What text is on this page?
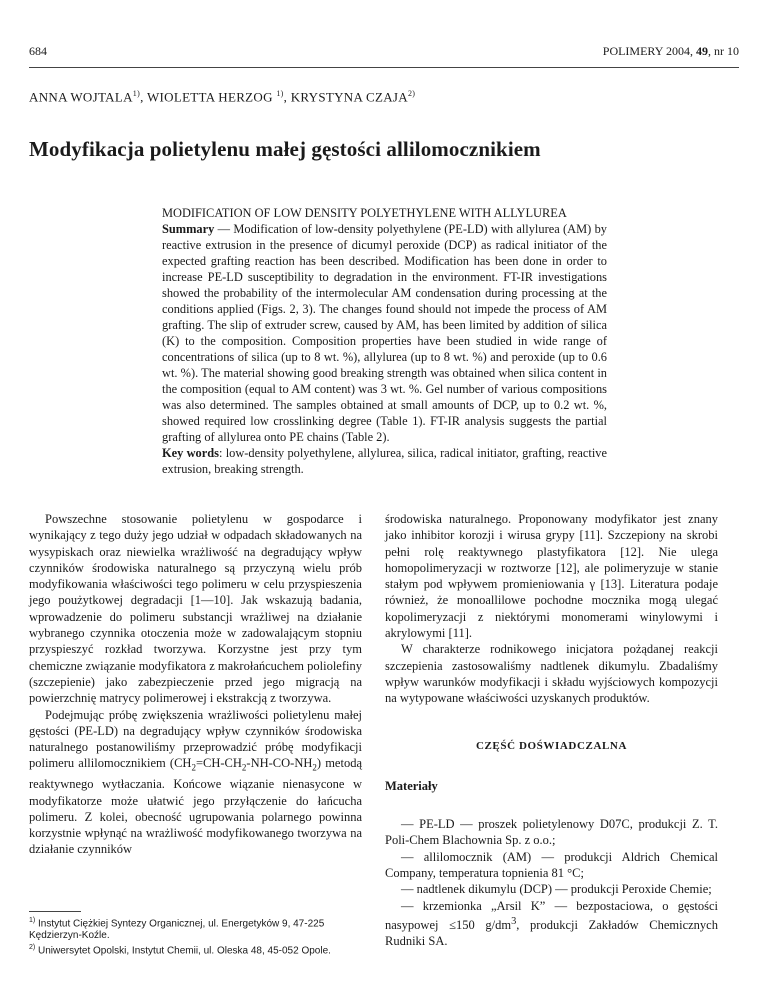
684	POLIMERY 2004, 49, nr 10
ANNA WOJTALA$^{1)}$, WIOLETTA HERZOG $^{1)}$, KRYSTYNA CZAJA$^{2)}$
Modyfikacja polietylenu małej gęstości allilomocznikiem
MODIFICATION OF LOW DENSITY POLYETHYLENE WITH ALLYLUREA
Summary — Modification of low-density polyethylene (PE-LD) with allylurea (AM) by reactive extrusion in the presence of dicumyl peroxide (DCP) as radical initiator of the expected grafting reaction has been described. Modification has been done in order to increase PE-LD susceptibility to degradation in the environment. FT-IR investigations showed the probability of the intermolecular AM condensation during processing at the conditions applied (Figs. 2, 3). The changes found should not impede the process of AM grafting. The slip of extruder screw, caused by AM, has been limited by addition of silica (K) to the composition. Composition properties have been studied in wide range of concentrations of silica (up to 8 wt. %), allylurea (up to 8 wt. %) and peroxide (up to 0.6 wt. %). The material showing good breaking strength was obtained when silica content in the composition (equal to AM content) was 3 wt. %. Gel number of various compositions was also determined. The samples obtained at small amounts of DCP, up to 0.2 wt. %, showed required low crosslinking degree (Table 1). FT-IR analysis suggests the partial grafting of allylurea onto PE chains (Table 2).
Key words: low-density polyethylene, allylurea, silica, radical initiator, grafting, reactive extrusion, breaking strength.

Powszechne stosowanie polietylenu w gospodarce i wynikający z tego duży jego udział w odpadach składowanych na wysypiskach oraz niewielka wrażliwość na degradujący wpływ czynników środowiska naturalnego są przyczyną wielu prób modyfikowania właściwości tego polimeru w celu przyspieszenia jego poużytkowej degradacji [1—10]. Jak wskazują badania, wprowadzenie do polimeru substancji wrażliwej na działanie wybranego czynnika otoczenia może w zadowalającym stopniu przyspieszyć rozkład tworzywa. Korzystne jest przy tym chemiczne związanie modyfikatora z makrołańcuchem poliolefiny (szczepienie) jako zabezpieczenie przed jego migracją na powierzchnię matrycy polimerowej i ekstrakcją z tworzywa.

Podejmując próbę zwiększenia wrażliwości polietylenu małej gęstości (PE-LD) na degradujący wpływ czynników środowiska naturalnego postanowiliśmy przeprowadzić próbę modyfikacji polimeru allilomocznikiem $(CH_2=CH-CH_2-NH-CO-NH_2)$ metodą reaktywnego wytłaczania. Końcowe wiązanie nienasycone w modyfikatorze może ułatwić jego przyłączenie do łańcucha polimeru. Z kolei, obecność ugrupowania polarnego powinna korzystnie wpłynąć na wrażliwość modyfikowanego tworzywa na działanie czynników

$^{1)}$ Instytut Ciężkiej Syntezy Organicznej, ul. Energetyków 9, 47-225 Kędzierzyn-Koźle.
$^{2)}$ Uniwersytet Opolski, Instytut Chemii, ul. Oleska 48, 45-052 Opole.

środowiska naturalnego. Proponowany modyfikator jest znany jako inhibitor korozji i wirusa grypy [11]. Szczepiony na skrobi pełni rolę reaktywnego plastyfikatora [12]. Nie ulega homopolimeryzacji w roztworze [12], ale polimeryzuje w stanie stałym pod wpływem promieniowania γ [13]. Literatura podaje również, że monoallilowe pochodne mocznika mogą ulegać kopolimeryzacji z niektórymi monomerami winylowymi i akrylowymi [11].

W charakterze rodnikowego inicjatora pożądanej reakcji szczepienia zastosowaliśmy nadtlenek dikumylu. Zbadaliśmy wpływ warunków modyfikacji i składu wyjściowych kompozycji na wytypowane właściwości uzyskanych produktów.

CZĘŚĆ DOŚWIADCZALNA

Materiały

— PE-LD — proszek polietylenowy D07C, produkcji Z. T. Poli-Chem Blachownia Sp. z o.o.;

— allilomocznik (AM) — produkcji Aldrich Chemical Company, temperatura topnienia 81 °C;

— nadtlenek dikumylu (DCP) — produkcji Peroxide Chemie;

— krzemionka „Arsil K” — bezpostaciowa, o gęstości nasypowej ≤150 $g/dm^3$, produkcji Zakładów Chemicznych Rudniki SA.
